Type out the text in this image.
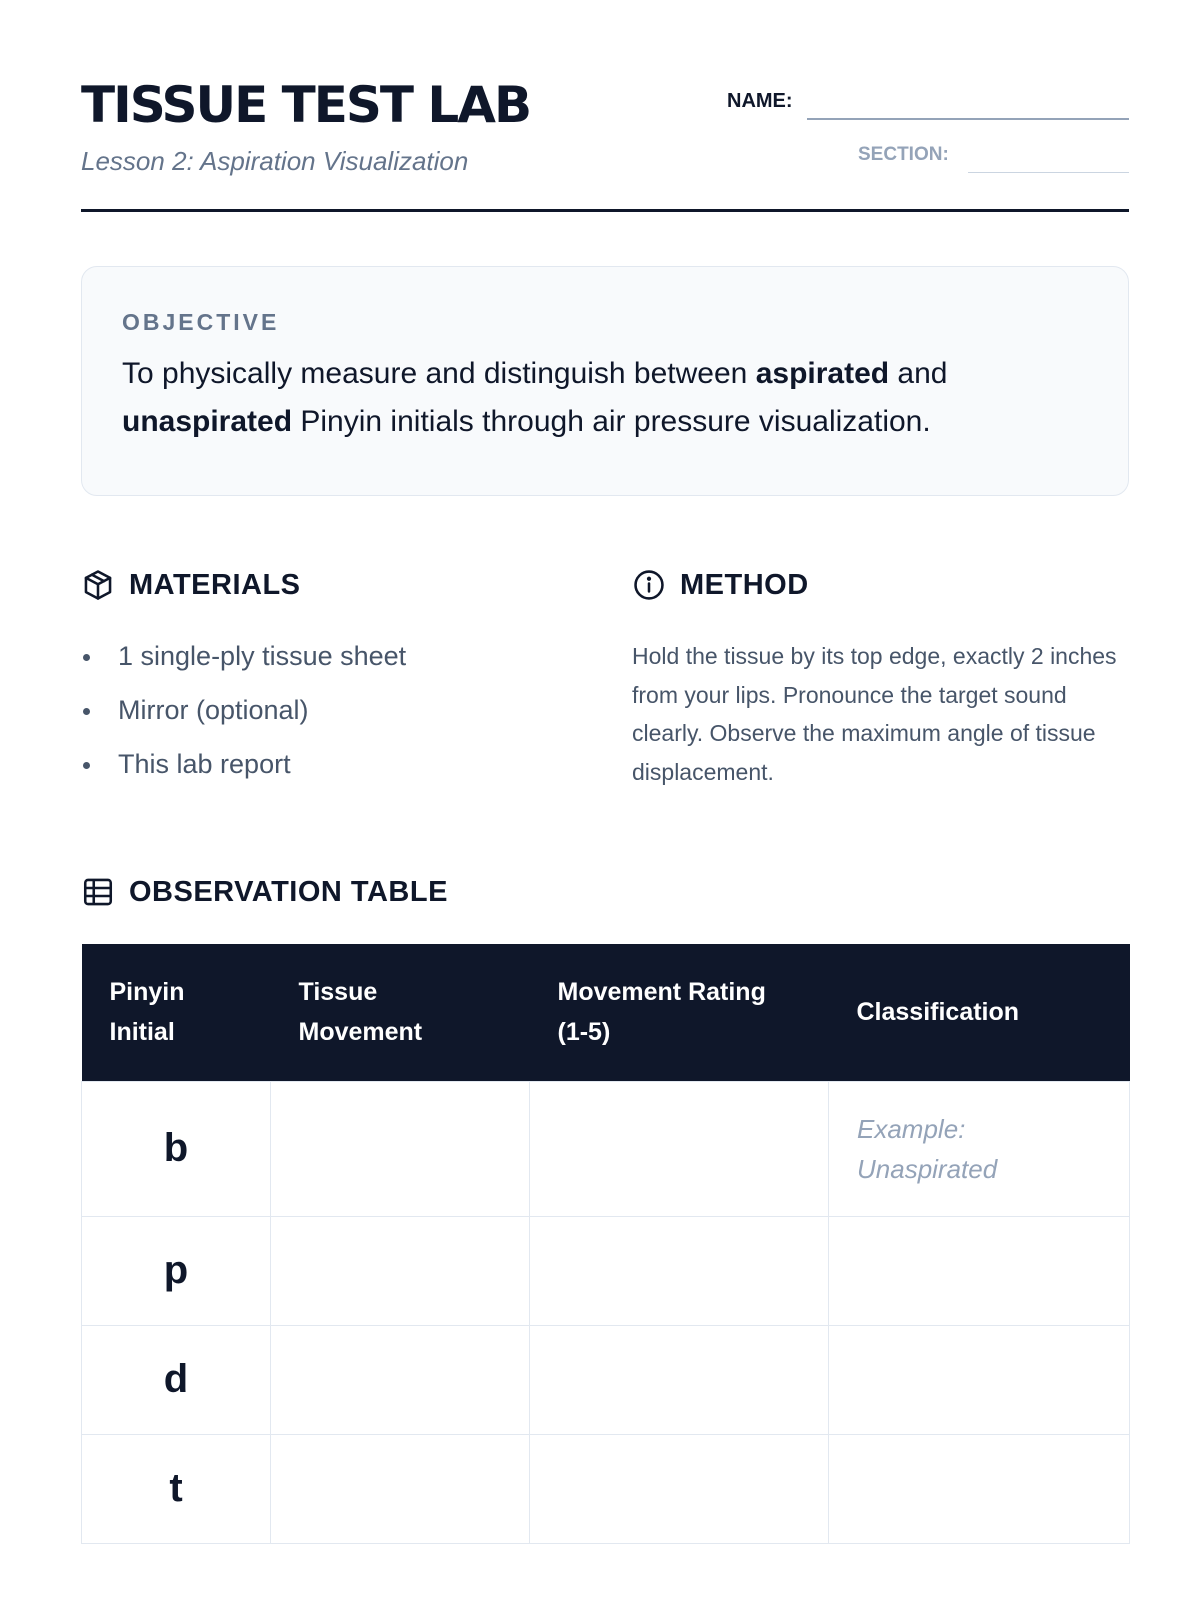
TISSUE TEST LAB
Lesson 2: Aspiration Visualization
NAME:
SECTION:
OBJECTIVE

To physically measure and distinguish between aspirated and unaspirated Pinyin initials through air pressure visualization.

MATERIALS
1 single-ply tissue sheet
Mirror (optional)
This lab report
METHOD

Hold the tissue by its top edge, exactly 2 inches from your lips. Pronounce the target sound clearly. Observe the maximum angle of tissue displacement.

OBSERVATION TABLE
Pinyin Initial	Tissue Movement	Movement Rating (1-5)	Classification
b			Example: Unaspirated
p			
d			
t			
